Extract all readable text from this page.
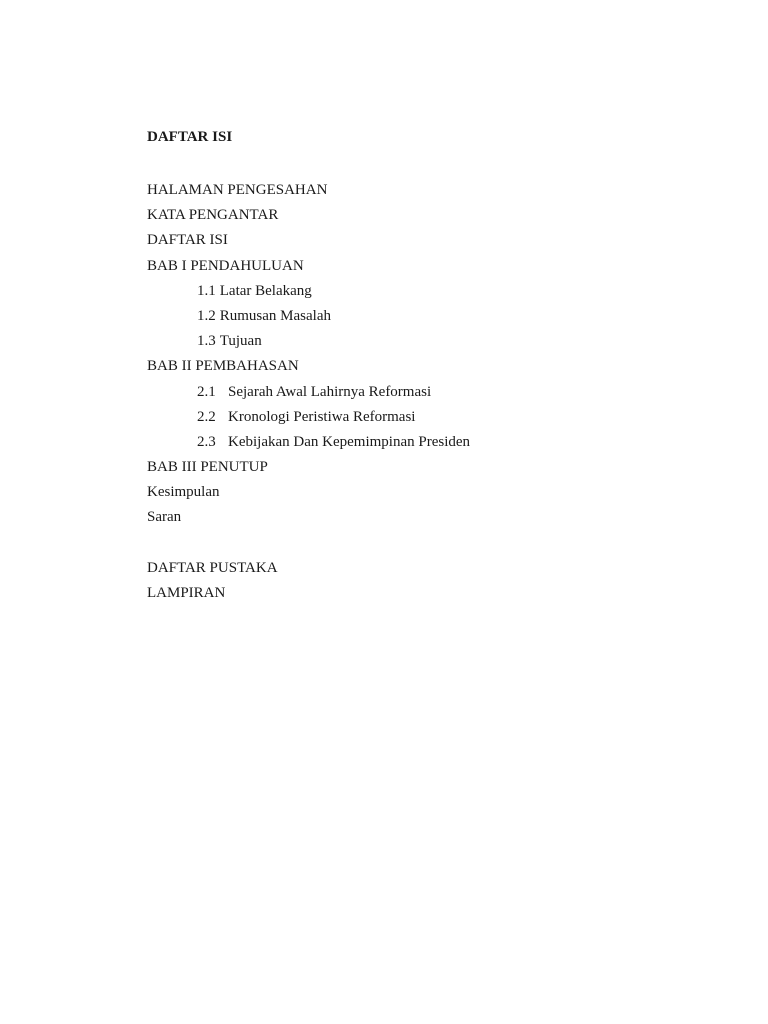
DAFTAR ISI
HALAMAN PENGESAHAN
KATA PENGANTAR
DAFTAR ISI
BAB I PENDAHULUAN
1.1 Latar Belakang
1.2 Rumusan Masalah
1.3 Tujuan
BAB II PEMBAHASAN
2.1 Sejarah Awal Lahirnya Reformasi
2.2 Kronologi Peristiwa Reformasi
2.3 Kebijakan Dan Kepemimpinan Presiden
BAB III PENUTUP
Kesimpulan
Saran
DAFTAR PUSTAKA
LAMPIRAN
